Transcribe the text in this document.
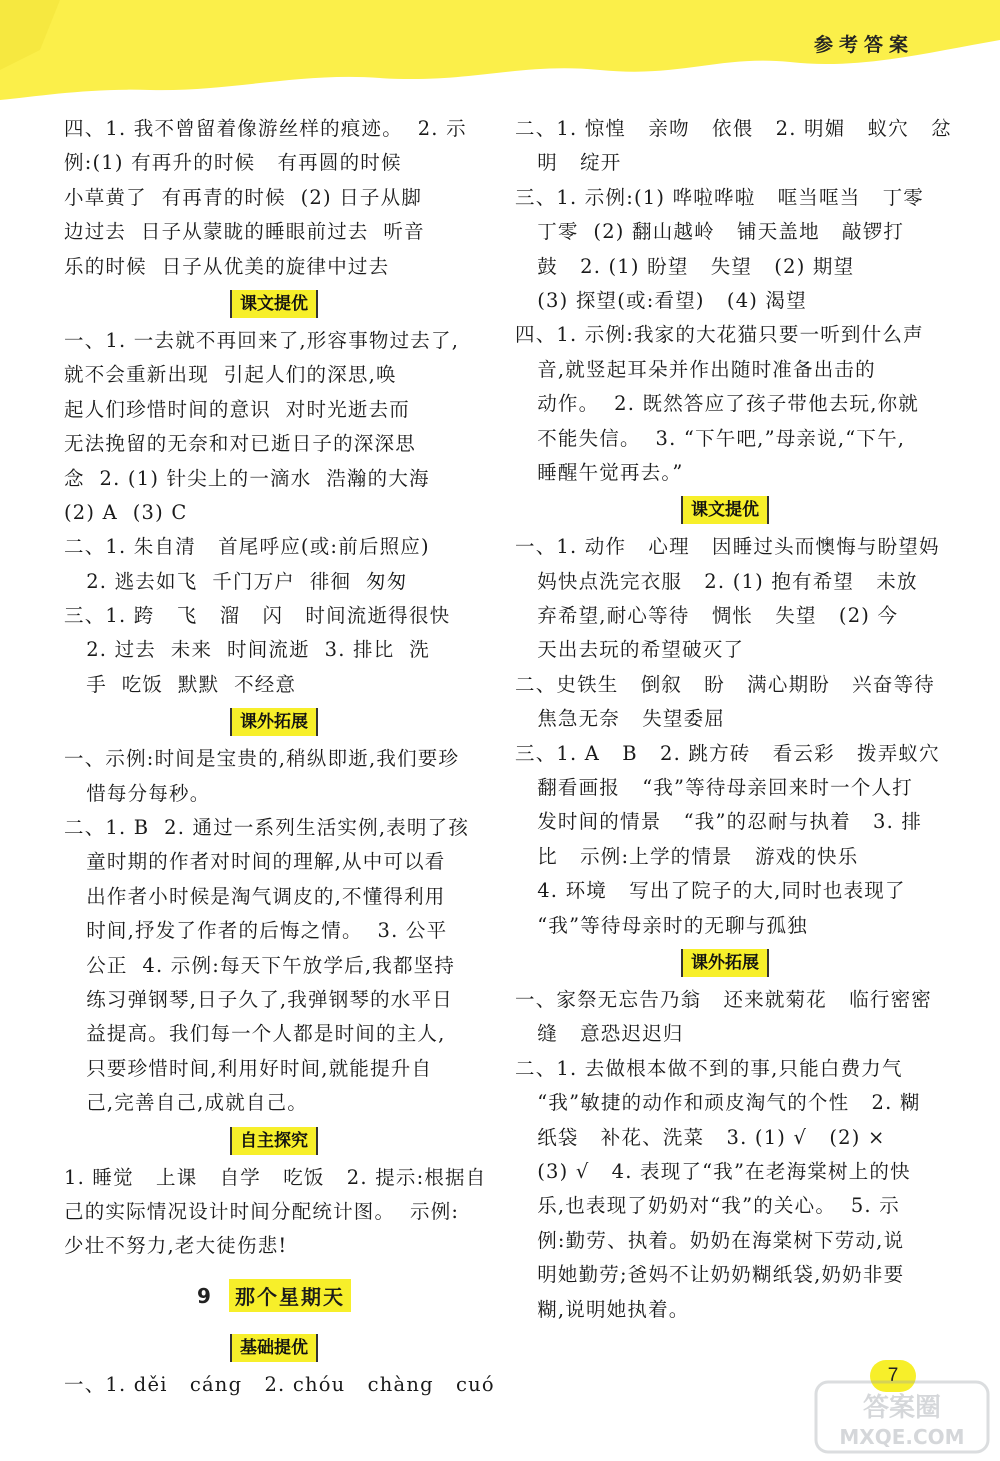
参考答案
四、1. 我不曾留着像游丝样的痕迹。  2. 示
例:(1) 有再升的时候   有再圆的时候
小草黄了  有再青的时候  (2) 日子从脚
边过去  日子从蒙眬的睡眼前过去  听音
乐的时候  日子从优美的旋律中过去
课文提优
一、1. 一去就不再回来了,形容事物过去了,
就不会重新出现  引起人们的深思,唤
起人们珍惜时间的意识  对时光逝去而
无法挽留的无奈和对已逝日子的深深思
念  2. (1) 针尖上的一滴水  浩瀚的大海
(2) A  (3) C
二、1. 朱自清   首尾呼应(或:前后照应)
2. 逃去如飞  千门万户  徘徊  匆匆
三、1. 跨   飞   溜   闪   时间流逝得很快
2. 过去  未来  时间流逝  3. 排比  洗
手  吃饭  默默  不经意
课外拓展
一、示例:时间是宝贵的,稍纵即逝,我们要珍
惜每分每秒。
二、1. B  2. 通过一系列生活实例,表明了孩
童时期的作者对时间的理解,从中可以看
出作者小时候是淘气调皮的,不懂得利用
时间,抒发了作者的后悔之情。  3. 公平
公正  4. 示例:每天下午放学后,我都坚持
练习弹钢琴,日子久了,我弹钢琴的水平日
益提高。我们每一个人都是时间的主人,
只要珍惜时间,利用好时间,就能提升自
己,完善自己,成就自己。
自主探究
1. 睡觉   上课   自学   吃饭   2. 提示:根据自
己的实际情况设计时间分配统计图。  示例:
少壮不努力,老大徒伤悲!
9	那个星期天
基础提优
一、1. děi   cáng   2. chóu   chàng   cuó
二、1. 惊惶   亲吻   依偎   2. 明媚   蚁穴   忿
明   绽开
三、1. 示例:(1) 哗啦哗啦   哐当哐当   丁零
丁零  (2) 翻山越岭   铺天盖地   敲锣打
鼓   2. (1) 盼望   失望   (2) 期望
(3) 探望(或:看望)   (4) 渴望
四、1. 示例:我家的大花猫只要一听到什么声
音,就竖起耳朵并作出随时准备出击的
动作。  2. 既然答应了孩子带他去玩,你就
不能失信。  3. “下午吧,”母亲说,“下午,
睡醒午觉再去。”
课文提优
一、1. 动作   心理   因睡过头而懊悔与盼望妈
妈快点洗完衣服   2. (1) 抱有希望   未放
弃希望,耐心等待   惆怅   失望   (2) 今
天出去玩的希望破灭了
二、史铁生   倒叙   盼   满心期盼   兴奋等待
焦急无奈   失望委屈
三、1. A   B   2. 跳方砖   看云彩   拨弄蚁穴
翻看画报   “我”等待母亲回来时一个人打
发时间的情景   “我”的忍耐与执着   3. 排
比   示例:上学的情景   游戏的快乐
4. 环境   写出了院子的大,同时也表现了
“我”等待母亲时的无聊与孤独
课外拓展
一、家祭无忘告乃翁   还来就菊花   临行密密
缝   意恐迟迟归
二、1. 去做根本做不到的事,只能白费力气
“我”敏捷的动作和顽皮淘气的个性   2. 糊
纸袋   补花、洗菜   3. (1) √   (2) ×
(3) √   4. 表现了“我”在老海棠树上的快
乐,也表现了奶奶对“我”的关心。  5. 示
例:勤劳、执着。奶奶在海棠树下劳动,说
明她勤劳;爸妈不让奶奶糊纸袋,奶奶非要
糊,说明她执着。
7
答案圈
MXQE.COM
